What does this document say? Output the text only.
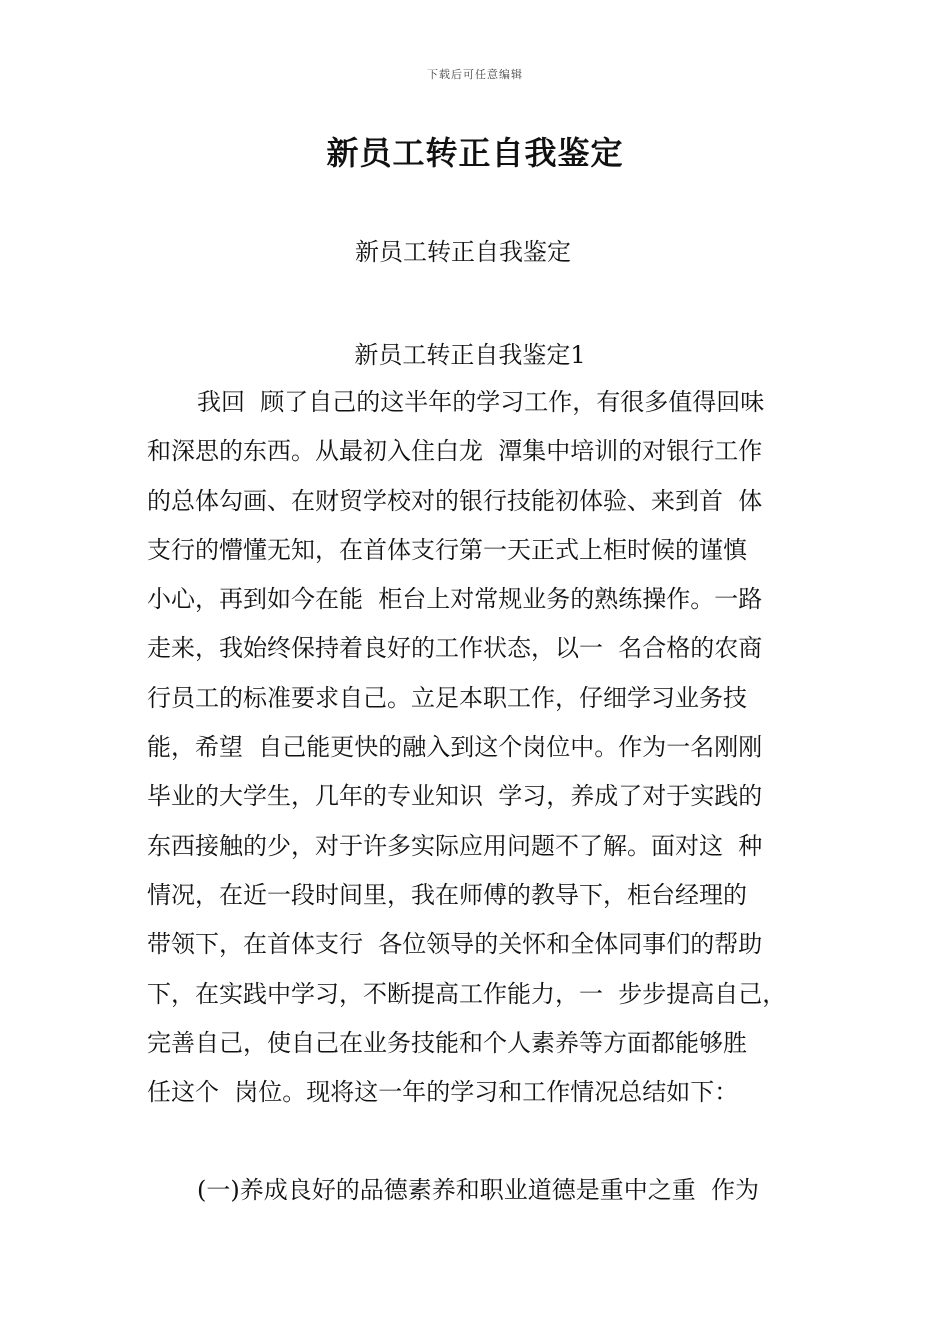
下载后可任意编辑
新员工转正自我鉴定
新员工转正自我鉴定
新员工转正自我鉴定1
我回  顾了自己的这半年的学习工作，有很多值得回味
和深思的东西。从最初入住白龙  潭集中培训的对银行工作
的总体勾画、在财贸学校对的银行技能初体验、来到首  体
支行的懵懂无知，在首体支行第一天正式上柜时候的谨慎
小心，再到如今在能  柜台上对常规业务的熟练操作。一路
走来，我始终保持着良好的工作状态，以一  名合格的农商
行员工的标准要求自己。立足本职工作，仔细学习业务技
能，希望  自己能更快的融入到这个岗位中。作为一名刚刚
毕业的大学生，几年的专业知识  学习，养成了对于实践的
东西接触的少，对于许多实际应用问题不了解。面对这  种
情况，在近一段时间里，我在师傅的教导下，柜台经理的
带领下，在首体支行  各位领导的关怀和全体同事们的帮助
下，在实践中学习，不断提高工作能力，一  步步提高自己，
完善自己，使自己在业务技能和个人素养等方面都能够胜
任这个  岗位。现将这一年的学习和工作情况总结如下：
(一)养成良好的品德素养和职业道德是重中之重  作为
